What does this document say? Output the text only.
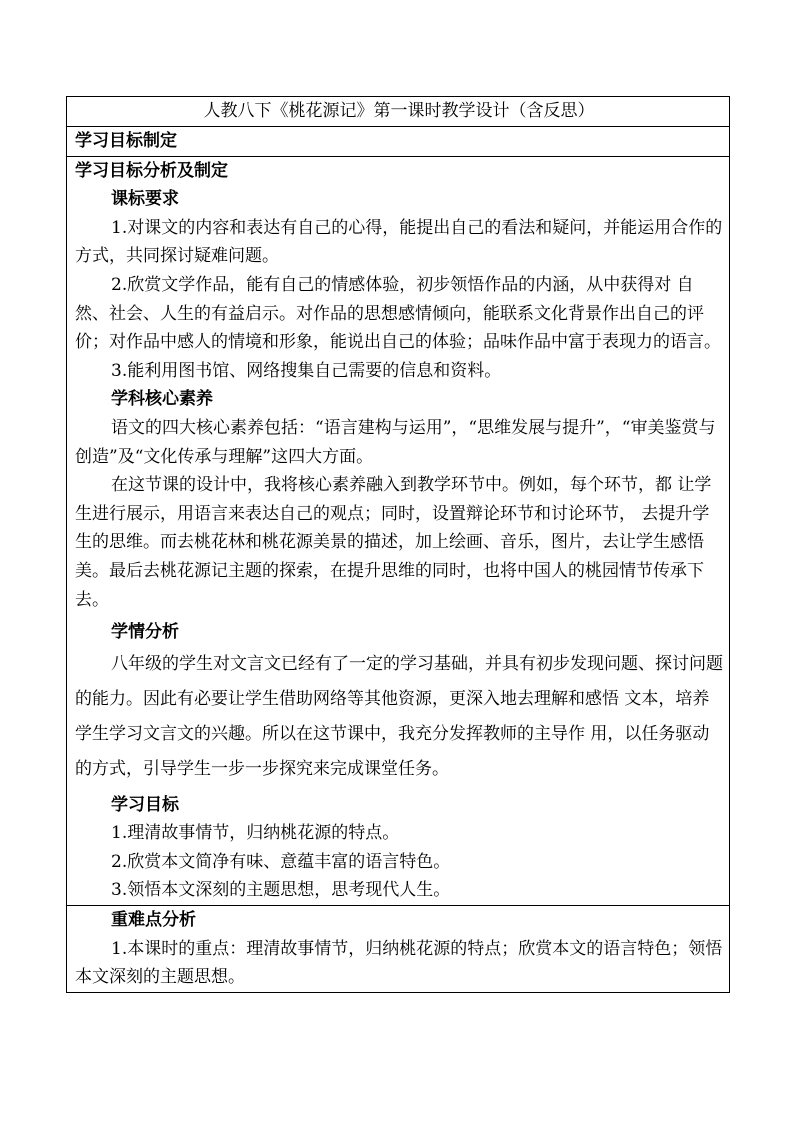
人教八下《桃花源记》第一课时教学设计（含反思）
学习目标制定

学习目标分析及制定
课标要求

1.对课文的内容和表达有自己的心得，能提出自己的看法和疑问，并能运用合作的方式，共同探讨疑难问题。

2.欣赏文学作品，能有自己的情感体验，初步领悟作品的内涵，从中获得对 自然、社会、人生的有益启示。对作品的思想感情倾向，能联系文化背景作出自己的评价；对作品中感人的情境和形象，能说出自己的体验；品味作品中富于表现力的语言。

3.能利用图书馆、网络搜集自己需要的信息和资料。

学科核心素养

语文的四大核心素养包括：“语言建构与运用”，“思维发展与提升”，“审美鉴赏与创造”及“文化传承与理解”这四大方面。

在这节课的设计中，我将核心素养融入到教学环节中。例如，每个环节，都 让学生进行展示，用语言来表达自己的观点；同时，设置辩论环节和讨论环节， 去提升学生的思维。而去桃花林和桃花源美景的描述，加上绘画、音乐，图片，去让学生感悟美。最后去桃花源记主题的探索，在提升思维的同时，也将中国人的桃园情节传承下去。

学情分析

八年级的学生对文言文已经有了一定的学习基础，并具有初步发现问题、探讨问题的能力。因此有必要让学生借助网络等其他资源，更深入地去理解和感悟 文本，培养学生学习文言文的兴趣。所以在这节课中，我充分发挥教师的主导作 用，以任务驱动的方式，引导学生一步一步探究来完成课堂任务。

学习目标

1.理清故事情节，归纳桃花源的特点。

2.欣赏本文简净有味、意蕴丰富的语言特色。

3.领悟本文深刻的主题思想，思考现代人生。

重难点分析

1.本课时的重点：理清故事情节，归纳桃花源的特点；欣赏本文的语言特色；领悟本文深刻的主题思想。
